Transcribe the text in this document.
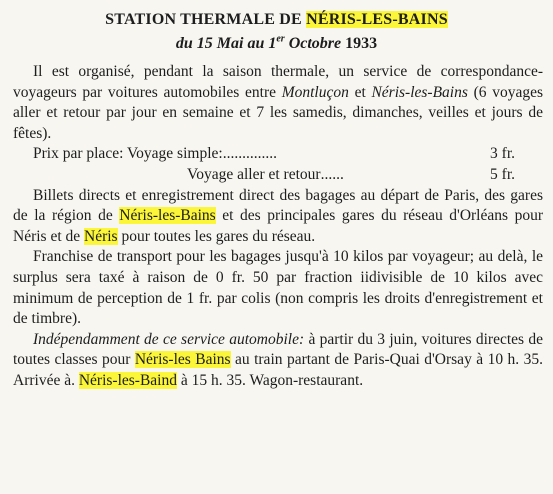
STATION THERMALE DE NÉRIS-LES-BAINS
du 15 Mai au 1er Octobre 1933

Il est organisé, pendant la saison thermale, un service de correspondance-voyageurs par voitures automobiles entre Montluçon et Néris-les-Bains (6 voyages aller et retour par jour en semaine et 7 les samedis, dimanches, veilles et jours de fêtes).

Prix par place: Voyage simple: ..............	3 fr.
Voyage aller et retour ......	5 fr.

Billets directs et enregistrement direct des bagages au départ de Paris, des gares de la région de Néris-les-Bains et des principales gares du réseau d'Orléans pour Néris et de Néris pour toutes les gares du réseau.

Franchise de transport pour les bagages jusqu'à 10 kilos par voyageur; au delà, le surplus sera taxé à raison de 0 fr. 50 par fraction iidivisible de 10 kilos avec minimum de perception de 1 fr. par colis (non compris les droits d'enregistrement et de timbre).

Indépendamment de ce service automobile: à partir du 3 juin, voitures directes de toutes classes pour Néris-les Bains au train partant de Paris-Quai d'Orsay à 10 h. 35. Arrivée à. Néris-les-Baind à 15 h. 35. Wagon-restaurant.
